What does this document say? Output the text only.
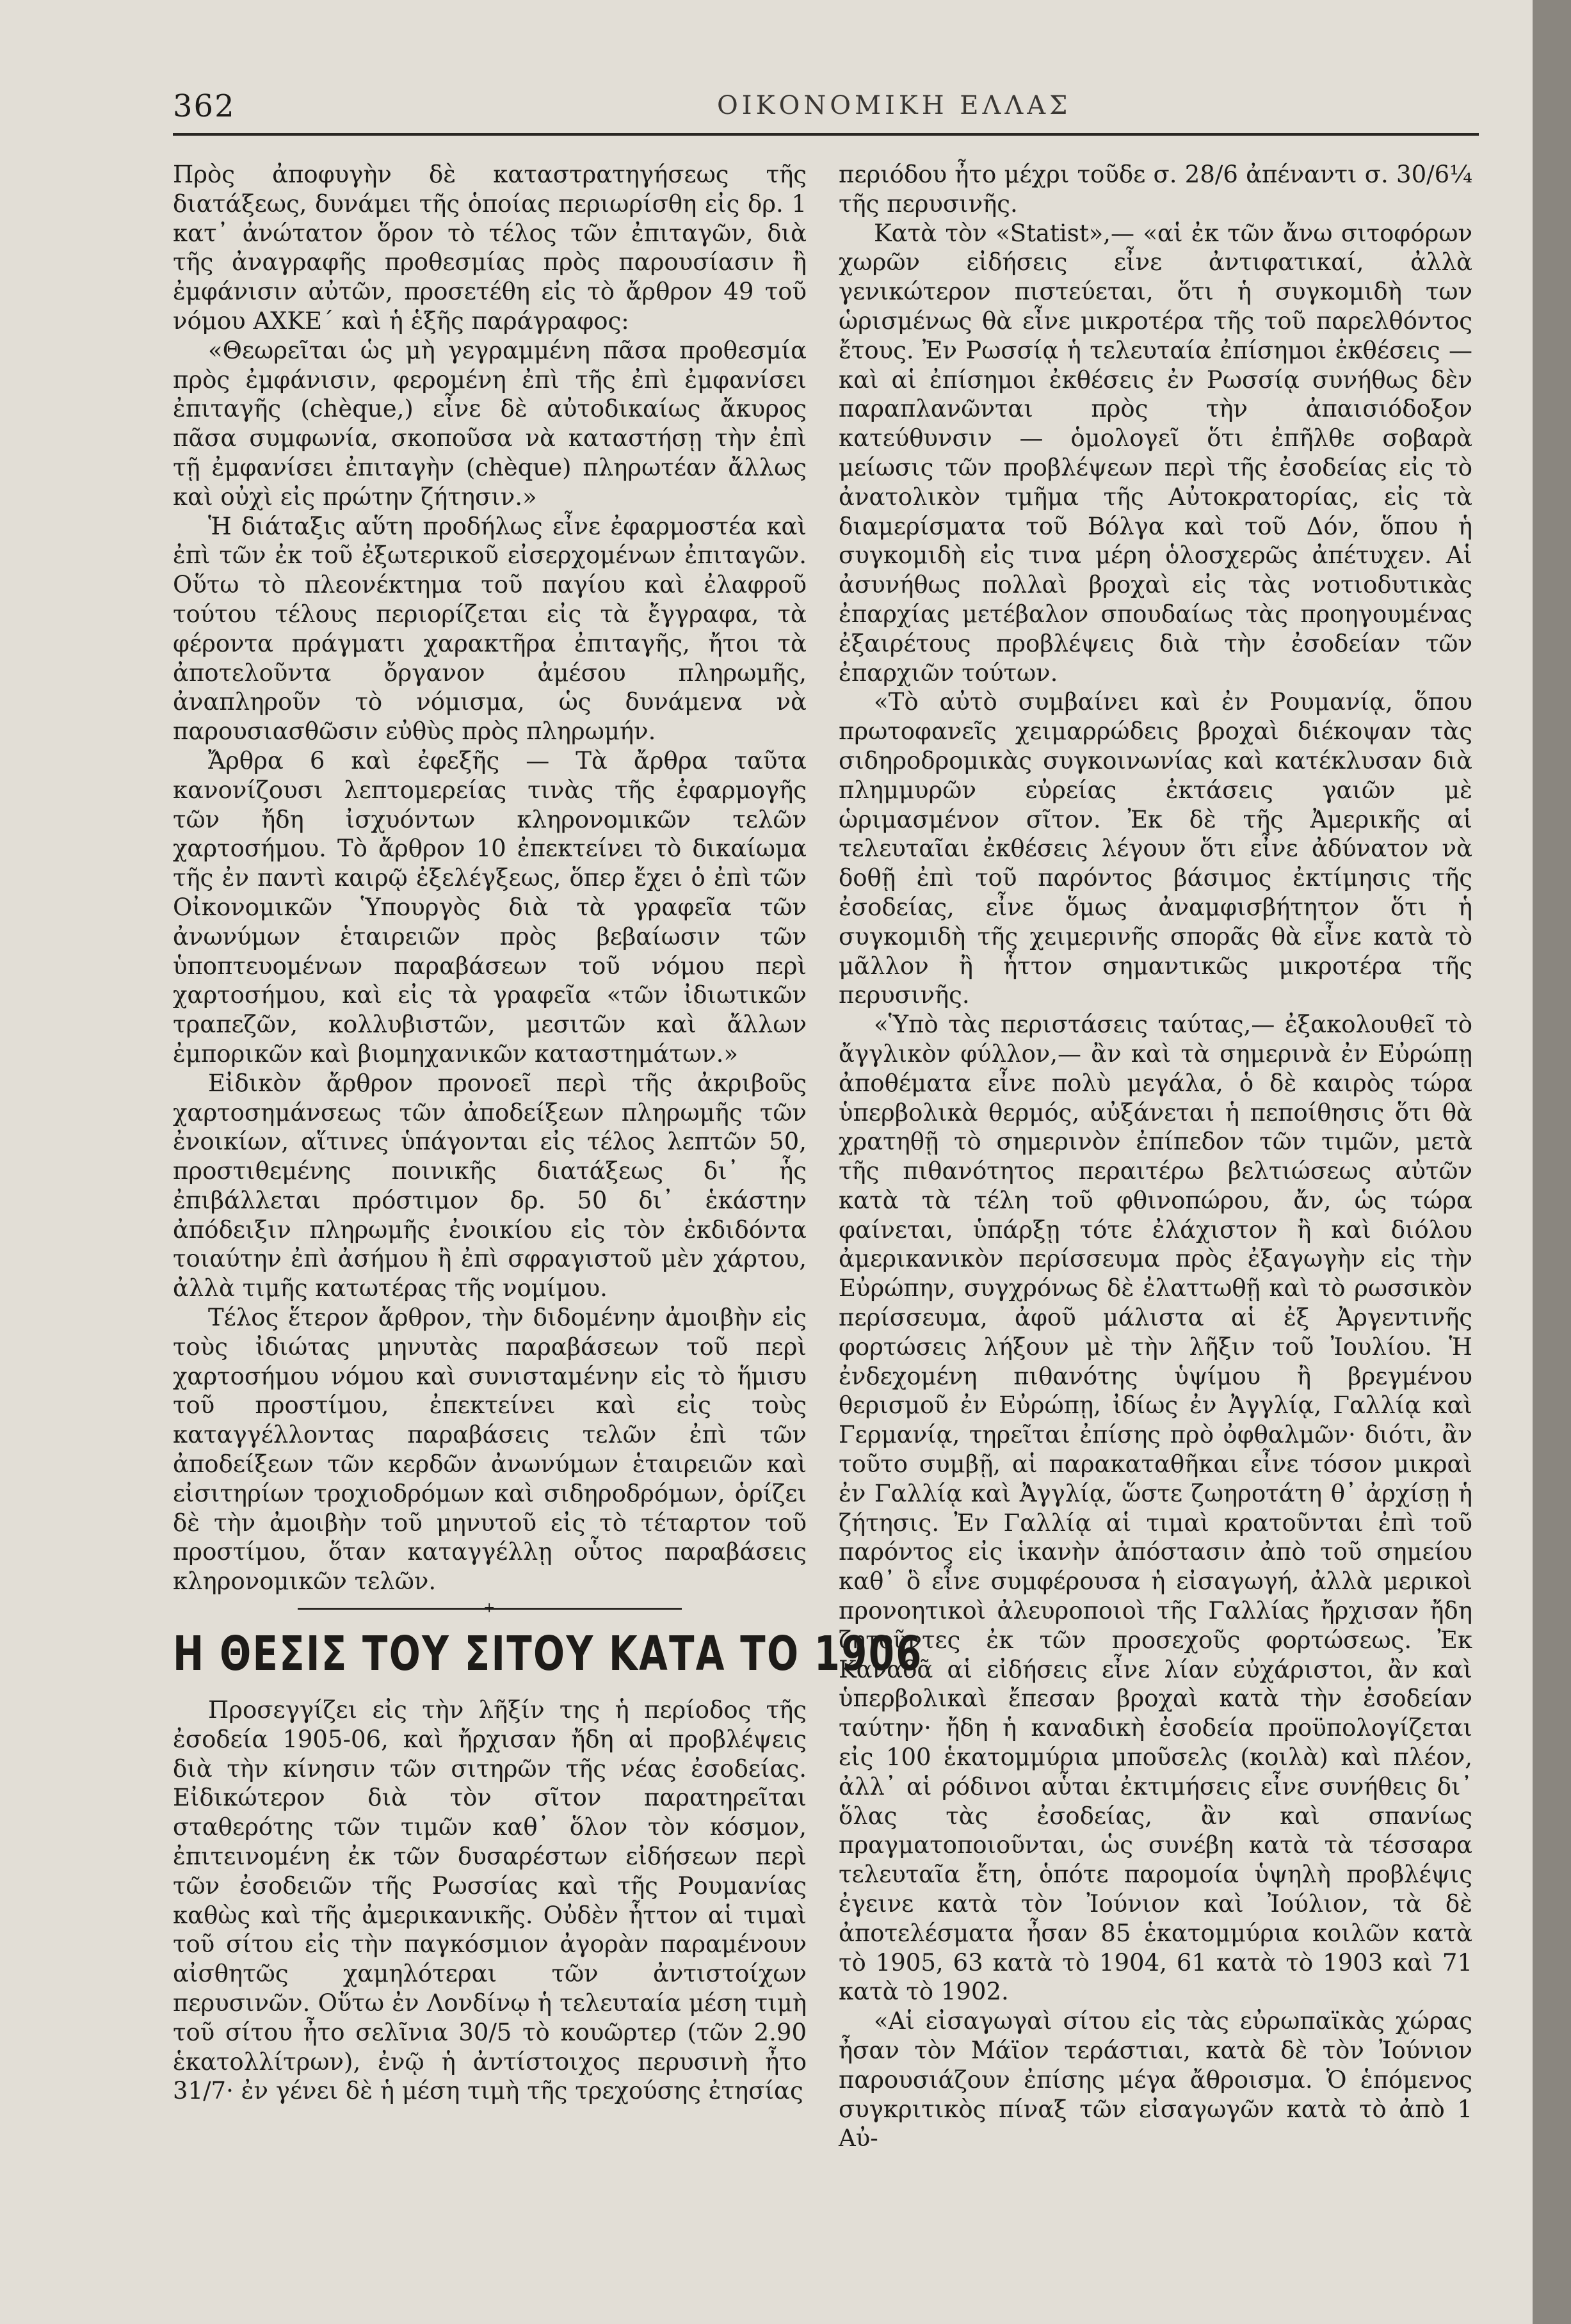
362	ΟΙΚΟΝΟΜΙΚΗ ΕΛΛΑΣ

Πρὸς ἀποφυγὴν δὲ καταστρατηγήσεως τῆς διατάξεως, δυνάμει τῆς ὁποίας περιωρίσθη εἰς δρ. 1 κατ᾿ ἀνώτατον ὅρον τὸ τέλος τῶν ἐπιταγῶν, διὰ τῆς ἀναγραφῆς προθεσμίας πρὸς παρουσίασιν ἢ ἐμφάνισιν αὐτῶν, προσετέθη εἰς τὸ ἄρθρον 49 τοῦ νόμου ΑΧΚΕ΄ καὶ ἡ ἑξῆς παράγραφος:

«Θεωρεῖται ὡς μὴ γεγραμμένη πᾶσα προθεσμία πρὸς ἐμφάνισιν, φερομένη ἐπὶ τῆς ἐπὶ ἐμφανίσει ἐπιταγῆς (chèque,) εἶνε δὲ αὐτοδικαίως ἄκυρος πᾶσα συμφωνία, σκοποῦσα νὰ καταστήσῃ τὴν ἐπὶ τῇ ἐμφανίσει ἐπιταγὴν (chèque) πληρωτέαν ἄλλως καὶ οὐχὶ εἰς πρώτην ζήτησιν.»

Ἡ διάταξις αὕτη προδήλως εἶνε ἐφαρμοστέα καὶ ἐπὶ τῶν ἐκ τοῦ ἐξωτερικοῦ εἰσερχομένων ἐπιταγῶν. Οὕτω τὸ πλεονέκτημα τοῦ παγίου καὶ ἐλαφροῦ τούτου τέλους περιορίζεται εἰς τὰ ἔγγραφα, τὰ φέροντα πράγματι χαρακτῆρα ἐπιταγῆς, ἤτοι τὰ ἀποτελοῦντα ὄργανον ἀμέσου πληρωμῆς, ἀναπληροῦν τὸ νόμισμα, ὡς δυνάμενα νὰ παρουσιασθῶσιν εὐθὺς πρὸς πληρωμήν.

Ἄρθρα 6 καὶ ἐφεξῆς — Τὰ ἄρθρα ταῦτα κανονίζουσι λεπτομερείας τινὰς τῆς ἐφαρμογῆς τῶν ἤδη ἰσχυόντων κληρονομικῶν τελῶν χαρτοσήμου. Τὸ ἄρθρον 10 ἐπεκτείνει τὸ δικαίωμα τῆς ἐν παντὶ καιρῷ ἐξελέγξεως, ὅπερ ἔχει ὁ ἐπὶ τῶν Οἰκονομικῶν Ὑπουργὸς διὰ τὰ γραφεῖα τῶν ἀνωνύμων ἑταιρειῶν πρὸς βεβαίωσιν τῶν ὑποπτευομένων παραβάσεων τοῦ νόμου περὶ χαρτοσήμου, καὶ εἰς τὰ γραφεῖα «τῶν ἰδιωτικῶν τραπεζῶν, κολλυβιστῶν, μεσιτῶν καὶ ἄλλων ἐμπορικῶν καὶ βιομηχανικῶν καταστημάτων.»

Εἰδικὸν ἄρθρον προνοεῖ περὶ τῆς ἀκριβοῦς χαρτοσημάνσεως τῶν ἀποδείξεων πληρωμῆς τῶν ἐνοικίων, αἵτινες ὑπάγονται εἰς τέλος λεπτῶν 50, προστιθεμένης ποινικῆς διατάξεως δι᾿ ἧς ἐπιβάλλεται πρόστιμον δρ. 50 δι᾿ ἑκάστην ἀπόδειξιν πληρωμῆς ἐνοικίου εἰς τὸν ἐκδιδόντα τοιαύτην ἐπὶ ἀσήμου ἢ ἐπὶ σφραγιστοῦ μὲν χάρτου, ἀλλὰ τιμῆς κατωτέρας τῆς νομίμου.

Τέλος ἕτερον ἄρθρον, τὴν διδομένην ἀμοιβὴν εἰς τοὺς ἰδιώτας μηνυτὰς παραβάσεων τοῦ περὶ χαρτοσήμου νόμου καὶ συνισταμένην εἰς τὸ ἥμισυ τοῦ προστίμου, ἐπεκτείνει καὶ εἰς τοὺς καταγγέλλοντας παραβάσεις τελῶν ἐπὶ τῶν ἀποδείξεων τῶν κερδῶν ἀνωνύμων ἑταιρειῶν καὶ εἰσιτηρίων τροχιοδρόμων καὶ σιδηροδρόμων, ὁρίζει δὲ τὴν ἀμοιβὴν τοῦ μηνυτοῦ εἰς τὸ τέταρτον τοῦ προστίμου, ὅταν καταγγέλλῃ οὗτος παραβάσεις κληρονομικῶν τελῶν.

+
Η ΘΕΣΙΣ ΤΟΥ ΣΙΤΟΥ ΚΑΤΑ ΤΟ 1906

Προσεγγίζει εἰς τὴν λῆξίν της ἡ περίοδος τῆς ἐσοδεία 1905-06, καὶ ἤρχισαν ἤδη αἱ προβλέψεις διὰ τὴν κίνησιν τῶν σιτηρῶν τῆς νέας ἐσοδείας. Εἰδικώτερον διὰ τὸν σῖτον παρατηρεῖται σταθερότης τῶν τιμῶν καθ᾿ ὅλον τὸν κόσμον, ἐπιτεινομένη ἐκ τῶν δυσαρέστων εἰδήσεων περὶ τῶν ἐσοδειῶν τῆς Ρωσσίας καὶ τῆς Ρουμανίας καθὼς καὶ τῆς ἀμερικανικῆς. Οὐδὲν ἧττον αἱ τιμαὶ τοῦ σίτου εἰς τὴν παγκόσμιον ἀγορὰν παραμένουν αἰσθητῶς χαμηλότεραι τῶν ἀντιστοίχων περυσινῶν. Οὕτω ἐν Λονδίνῳ ἡ τελευταία μέση τιμὴ τοῦ σίτου ἦτο σελῖνια 30/5 τὸ κουῶρτερ (τῶν 2.90 ἑκατολλίτρων), ἐνῷ ἡ ἀντίστοιχος περυσινὴ ἦτο 31/7· ἐν γένει δὲ ἡ μέση τιμὴ τῆς τρεχούσης ἐτησίας

περιόδου ἦτο μέχρι τοῦδε σ. 28/6 ἀπέναντι σ. 30/6¼ τῆς περυσινῆς.

Κατὰ τὸν «Statist»,— «αἱ ἐκ τῶν ἄνω σιτοφόρων χωρῶν εἰδήσεις εἶνε ἀντιφατικαί, ἀλλὰ γενικώτερον πιστεύεται, ὅτι ἡ συγκομιδὴ των ὡρισμένως θὰ εἶνε μικροτέρα τῆς τοῦ παρελθόντος ἔτους. Ἐν Ρωσσίᾳ ἡ τελευταία ἐπίσημοι ἐκθέσεις — καὶ αἱ ἐπίσημοι ἐκθέσεις ἐν Ρωσσίᾳ συνήθως δὲν παραπλανῶνται πρὸς τὴν ἀπαισιόδοξον κατεύθυνσιν — ὁμολογεῖ ὅτι ἐπῆλθε σοβαρὰ μείωσις τῶν προβλέψεων περὶ τῆς ἐσοδείας εἰς τὸ ἀνατολικὸν τμῆμα τῆς Αὐτοκρατορίας, εἰς τὰ διαμερίσματα τοῦ Βόλγα καὶ τοῦ Δόν, ὅπου ἡ συγκομιδὴ εἰς τινα μέρη ὁλοσχερῶς ἀπέτυχεν. Αἱ ἀσυνήθως πολλαὶ βροχαὶ εἰς τὰς νοτιοδυτικὰς ἐπαρχίας μετέβαλον σπουδαίως τὰς προηγουμένας ἐξαιρέτους προβλέψεις διὰ τὴν ἐσοδείαν τῶν ἐπαρχιῶν τούτων.

«Τὸ αὐτὸ συμβαίνει καὶ ἐν Ρουμανίᾳ, ὅπου πρωτοφανεῖς χειμαρρώδεις βροχαὶ διέκοψαν τὰς σιδηροδρομικὰς συγκοινωνίας καὶ κατέκλυσαν διὰ πλημμυρῶν εὐρείας ἐκτάσεις γαιῶν μὲ ὡριμασμένον σῖτον. Ἐκ δὲ τῆς Ἀμερικῆς αἱ τελευταῖαι ἐκθέσεις λέγουν ὅτι εἶνε ἀδύνατον νὰ δοθῇ ἐπὶ τοῦ παρόντος βάσιμος ἐκτίμησις τῆς ἐσοδείας, εἶνε ὅμως ἀναμφισβήτητον ὅτι ἡ συγκομιδὴ τῆς χειμερινῆς σπορᾶς θὰ εἶνε κατὰ τὸ μᾶλλον ἢ ἧττον σημαντικῶς μικροτέρα τῆς περυσινῆς.

«Ὑπὸ τὰς περιστάσεις ταύτας,— ἐξακολουθεῖ τὸ ἄγγλικὸν φύλλον,— ἂν καὶ τὰ σημερινὰ ἐν Εὐρώπῃ ἀποθέματα εἶνε πολὺ μεγάλα, ὁ δὲ καιρὸς τώρα ὑπερβολικὰ θερμός, αὐξάνεται ἡ πεποίθησις ὅτι θὰ χρατηθῇ τὸ σημερινὸν ἐπίπεδον τῶν τιμῶν, μετὰ τῆς πιθανότητος περαιτέρω βελτιώσεως αὐτῶν κατὰ τὰ τέλη τοῦ φθινοπώρου, ἄν, ὡς τώρα φαίνεται, ὑπάρξῃ τότε ἐλάχιστον ἢ καὶ διόλου ἀμερικανικὸν περίσσευμα πρὸς ἐξαγωγὴν εἰς τὴν Εὐρώπην, συγχρόνως δὲ ἐλαττωθῇ καὶ τὸ ρωσσικὸν περίσσευμα, ἀφοῦ μάλιστα αἱ ἐξ Ἀργεντινῆς φορτώσεις λήξουν μὲ τὴν λῆξιν τοῦ Ἰουλίου. Ἡ ἐνδεχομένη πιθανότης ὑψίμου ἢ βρεγμένου θερισμοῦ ἐν Εὐρώπῃ, ἰδίως ἐν Ἀγγλίᾳ, Γαλλίᾳ καὶ Γερμανίᾳ, τηρεῖται ἐπίσης πρὸ ὀφθαλμῶν· διότι, ἂν τοῦτο συμβῇ, αἱ παρακαταθῆκαι εἶνε τόσον μικραὶ ἐν Γαλλίᾳ καὶ Ἀγγλίᾳ, ὥστε ζωηροτάτη θ᾿ ἀρχίσῃ ἡ ζήτησις. Ἐν Γαλλίᾳ αἱ τιμαὶ κρατοῦνται ἐπὶ τοῦ παρόντος εἰς ἱκανὴν ἀπόστασιν ἀπὸ τοῦ σημείου καθ᾿ ὃ εἶνε συμφέρουσα ἡ εἰσαγωγή, ἀλλὰ μερικοὶ προνοητικοὶ ἀλευροποιοὶ τῆς Γαλλίας ἤρχισαν ἤδη ζητοῦντες ἐκ τῶν προσεχοῦς φορτώσεως. Ἐκ Καναδᾶ αἱ εἰδήσεις εἶνε λίαν εὐχάριστοι, ἂν καὶ ὑπερβολικαὶ ἔπεσαν βροχαὶ κατὰ τὴν ἐσοδείαν ταύτην· ἤδη ἡ καναδικὴ ἐσοδεία προϋπολογίζεται εἰς 100 ἑκατομμύρια μποῦσελς (κοιλὰ) καὶ πλέον, ἀλλ᾿ αἱ ρόδινοι αὗται ἐκτιμήσεις εἶνε συνήθεις δι᾿ ὅλας τὰς ἐσοδείας, ἂν καὶ σπανίως πραγματοποιοῦνται, ὡς συνέβη κατὰ τὰ τέσσαρα τελευταῖα ἔτη, ὁπότε παρομοία ὑψηλὴ προβλέψις ἐγεινε κατὰ τὸν Ἰούνιον καὶ Ἰούλιον, τὰ δὲ ἀποτελέσματα ἦσαν 85 ἑκατομμύρια κοιλῶν κατὰ τὸ 1905, 63 κατὰ τὸ 1904, 61 κατὰ τὸ 1903 καὶ 71 κατὰ τὸ 1902.

«Αἱ εἰσαγωγαὶ σίτου εἰς τὰς εὐρωπαϊκὰς χώρας ἦσαν τὸν Μάϊον τεράστιαι, κατὰ δὲ τὸν Ἰούνιον παρουσιάζουν ἐπίσης μέγα ἄθροισμα. Ὁ ἑπόμενος συγκριτικὸς πίναξ τῶν εἰσαγωγῶν κατὰ τὸ ἀπὸ 1 Αὐ-
